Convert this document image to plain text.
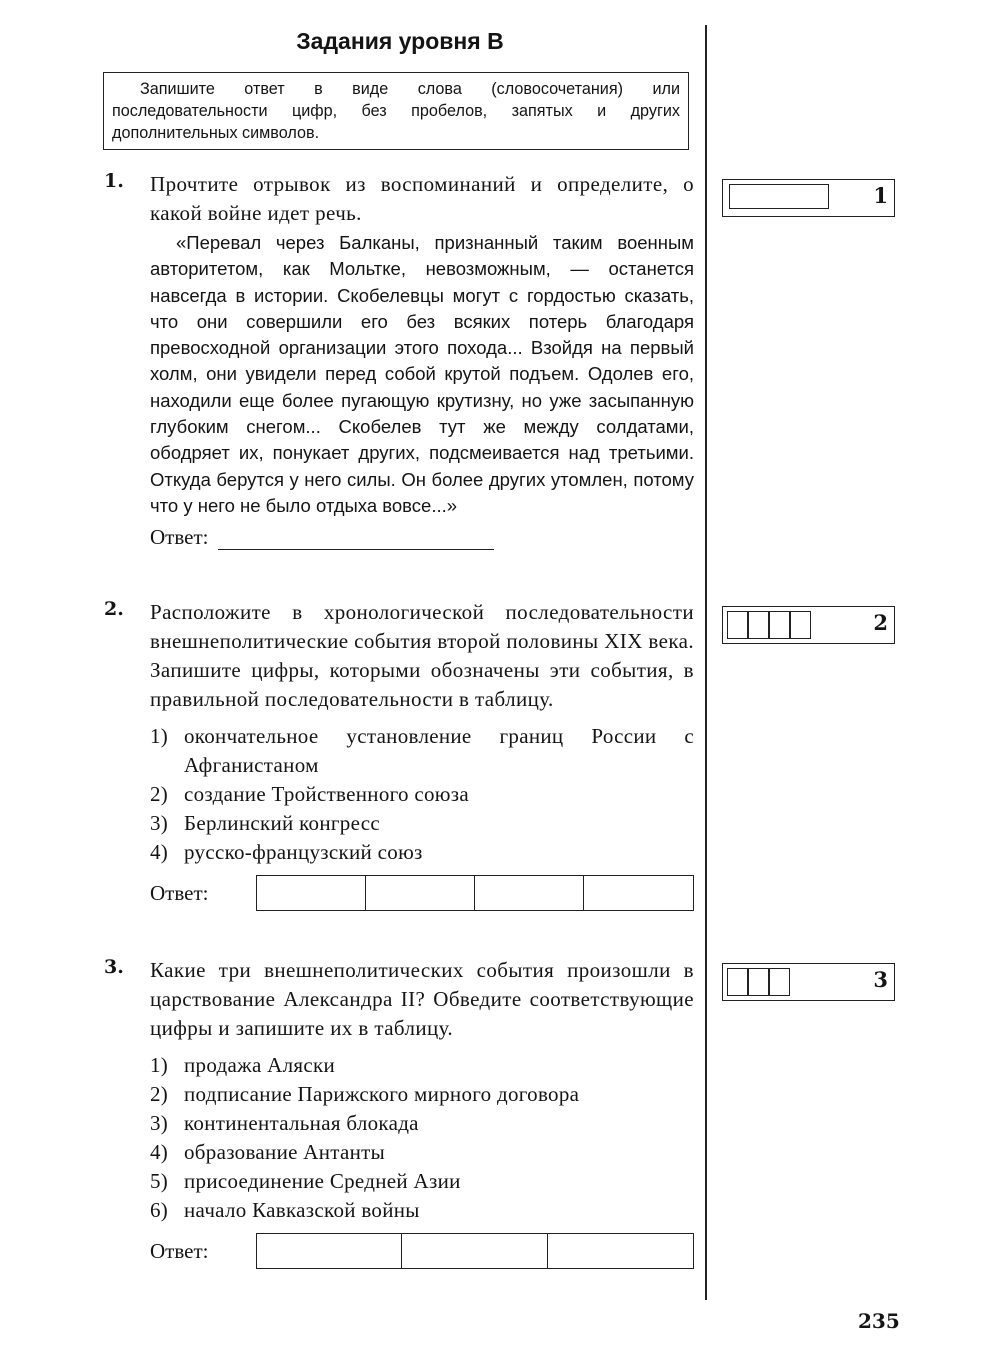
Задания уровня В
Запишите ответ в виде слова (словосочетания) или последовательности цифр, без пробелов, запятых и других дополнительных символов.
1. Прочтите отрывок из воспоминаний и определите, о какой войне идет речь.
«Перевал через Балканы, признанный таким военным авторитетом, как Мольтке, невозможным, — останется навсегда в истории. Скобелевцы могут с гордостью сказать, что они совершили его без всяких потерь благодаря превосходной организации этого похода... Взойдя на первый холм, они увидели перед собой крутой подъем. Одолев его, находили еще более пугающую крутизну, но уже засыпанную глубоким снегом... Скобелев тут же между солдатами, ободряет их, понукает других, подсмеивается над третьими. Откуда берутся у него силы. Он более других утомлен, потому что у него не было отдыха вовсе...»
Ответ:
1
2. Расположите в хронологической последовательности внешнеполитические события второй половины XIX века. Запишите цифры, которыми обозначены эти события, в правильной последовательности в таблицу.
1) окончательное установление границ России с Афганистаном
2) создание Тройственного союза
3) Берлинский конгресс
4) русско-французский союз
Ответ:
2
3. Какие три внешнеполитических события произошли в царствование Александра II? Обведите соответствующие цифры и запишите их в таблицу.
1) продажа Аляски
2) подписание Парижского мирного договора
3) континентальная блокада
4) образование Антанты
5) присоединение Средней Азии
6) начало Кавказской войны
Ответ:
3
235
